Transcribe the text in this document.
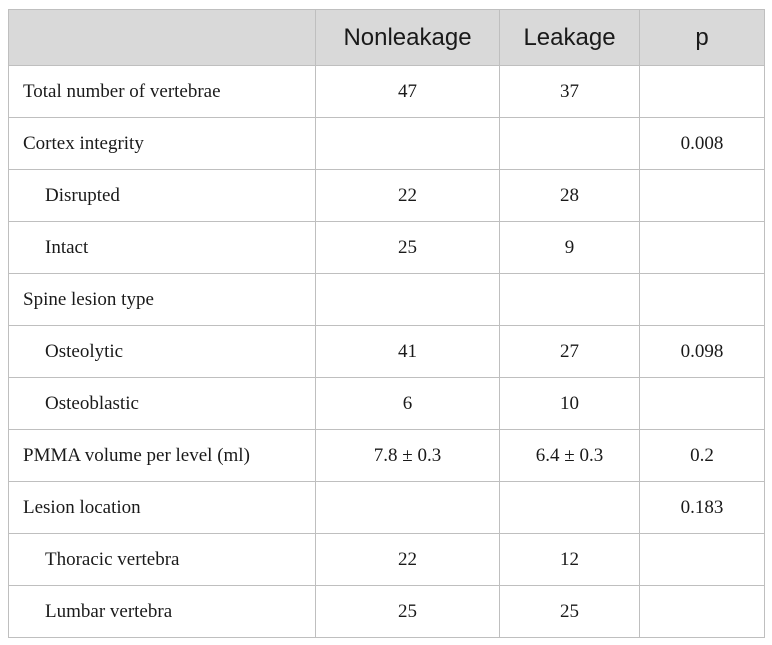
	Nonleakage	Leakage	p
Total number of vertebrae	47	37	
Cortex integrity			0.008
Disrupted	22	28	
Intact	25	9	
Spine lesion type			
Osteolytic	41	27	0.098
Osteoblastic	6	10	
PMMA volume per level (ml)	7.8 ± 0.3	6.4 ± 0.3	0.2
Lesion location			0.183
Thoracic vertebra	22	12	
Lumbar vertebra	25	25	
